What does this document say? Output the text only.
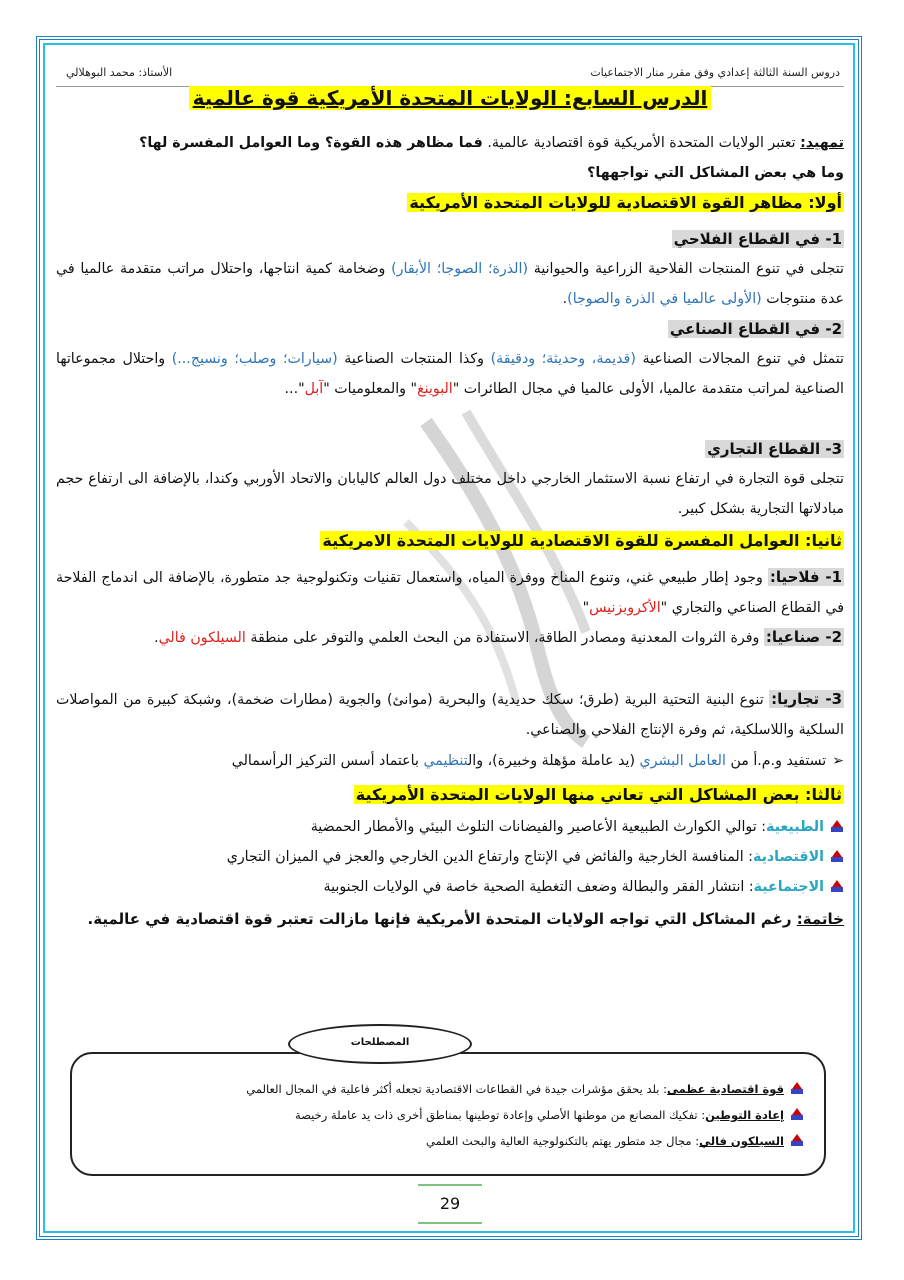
دروس السنة الثالثة إعدادي وفق مقرر منار الاجتماعيات
الأستاذ: محمد البوهلالي
الدرس السابع: الولايات المتحدة الأمريكية قوة عالمية
تمهيد: تعتبر الولايات المتحدة الأمريكية قوة اقتصادية عالمية. فما مظاهر هذه القوة؟ وما العوامل المفسرة لها؟
وما هي بعض المشاكل التي تواجهها؟
أولا: مظاهر القوة الاقتصادية للولايات المتحدة الأمريكية
1- في القطاع الفلاحي
تتجلى في تنوع المنتجات الفلاحية الزراعية والحيوانية (الذرة؛ الصوجا؛ الأبقار) وضخامة كمية انتاجها، واحتلال مراتب متقدمة عالميا في عدة منتوجات (الأولى عالميا في الذرة والصوجا).
2- في القطاع الصناعي
تتمثل في تنوع المجالات الصناعية (قديمة، وحديثة؛ ودقيقة) وكذا المنتجات الصناعية (سيارات؛ وصلب؛ ونسيج...) واحتلال مجموعاتها الصناعية لمراتب متقدمة عالميا، الأولى عالميا في مجال الطائرات "البوينغ" والمعلوميات "آبل"...
3- القطاع التجاري
تتجلى قوة التجارة في ارتفاع نسبة الاستثمار الخارجي داخل مختلف دول العالم كاليابان والاتحاد الأوربي وكندا، بالإضافة الى ارتفاع حجم مبادلاتها التجارية بشكل كبير.
ثانيا: العوامل المفسرة للقوة الاقتصادية للولايات المتحدة الامريكية
1- فلاحيا: وجود إطار طبيعي غني، وتنوع المناخ ووفرة المياه، واستعمال تقنيات وتكنولوجية جد متطورة، بالإضافة الى اندماج الفلاحة في القطاع الصناعي والتجاري "الأكروبزنيس"
2- صناعيا: وفرة الثروات المعدنية ومصادر الطاقة، الاستفادة من البحث العلمي والتوفر على منطقة السيلكون فالي.
3- تجاريا: تنوع البنية التحتية البرية (طرق؛ سكك حديدية) والبحرية (موانئ) والجوية (مطارات ضخمة)، وشبكة كبيرة من المواصلات السلكية واللاسلكية، ثم وفرة الإنتاج الفلاحي والصناعي.
➢تستفيد و.م.أ من العامل البشري (يد عاملة مؤهلة وخبيرة)، والتنظيمي باعتماد أسس التركيز الرأسمالي
ثالثا: بعض المشاكل التي تعاني منها الولايات المتحدة الأمريكية
الطبيعية: توالي الكوارث الطبيعية الأعاصير والفيضانات التلوث البيئي والأمطار الحمضية
الاقتصادية: المنافسة الخارجية والفائض في الإنتاج وارتفاع الدين الخارجي والعجز في الميزان التجاري
الاجتماعية: انتشار الفقر والبطالة وضعف التغطية الصحية خاصة في الولايات الجنوبية
خاتمة: رغم المشاكل التي تواجه الولايات المتحدة الأمريكية فإنها مازالت تعتبر قوة اقتصادية في عالمية.
قوة اقتصادية عظمى: بلد يحقق مؤشرات جيدة في القطاعات الاقتصادية تجعله أكثر فاعلية في المجال العالمي
إعادة التوطين: تفكيك المصانع من موطنها الأصلي وإعادة توطينها بمناطق أخرى ذات يد عاملة رخيصة
السيلكون فالي: مجال جد متطور يهتم بالتكنولوجية العالية والبحث العلمي
المصطلحات
29
